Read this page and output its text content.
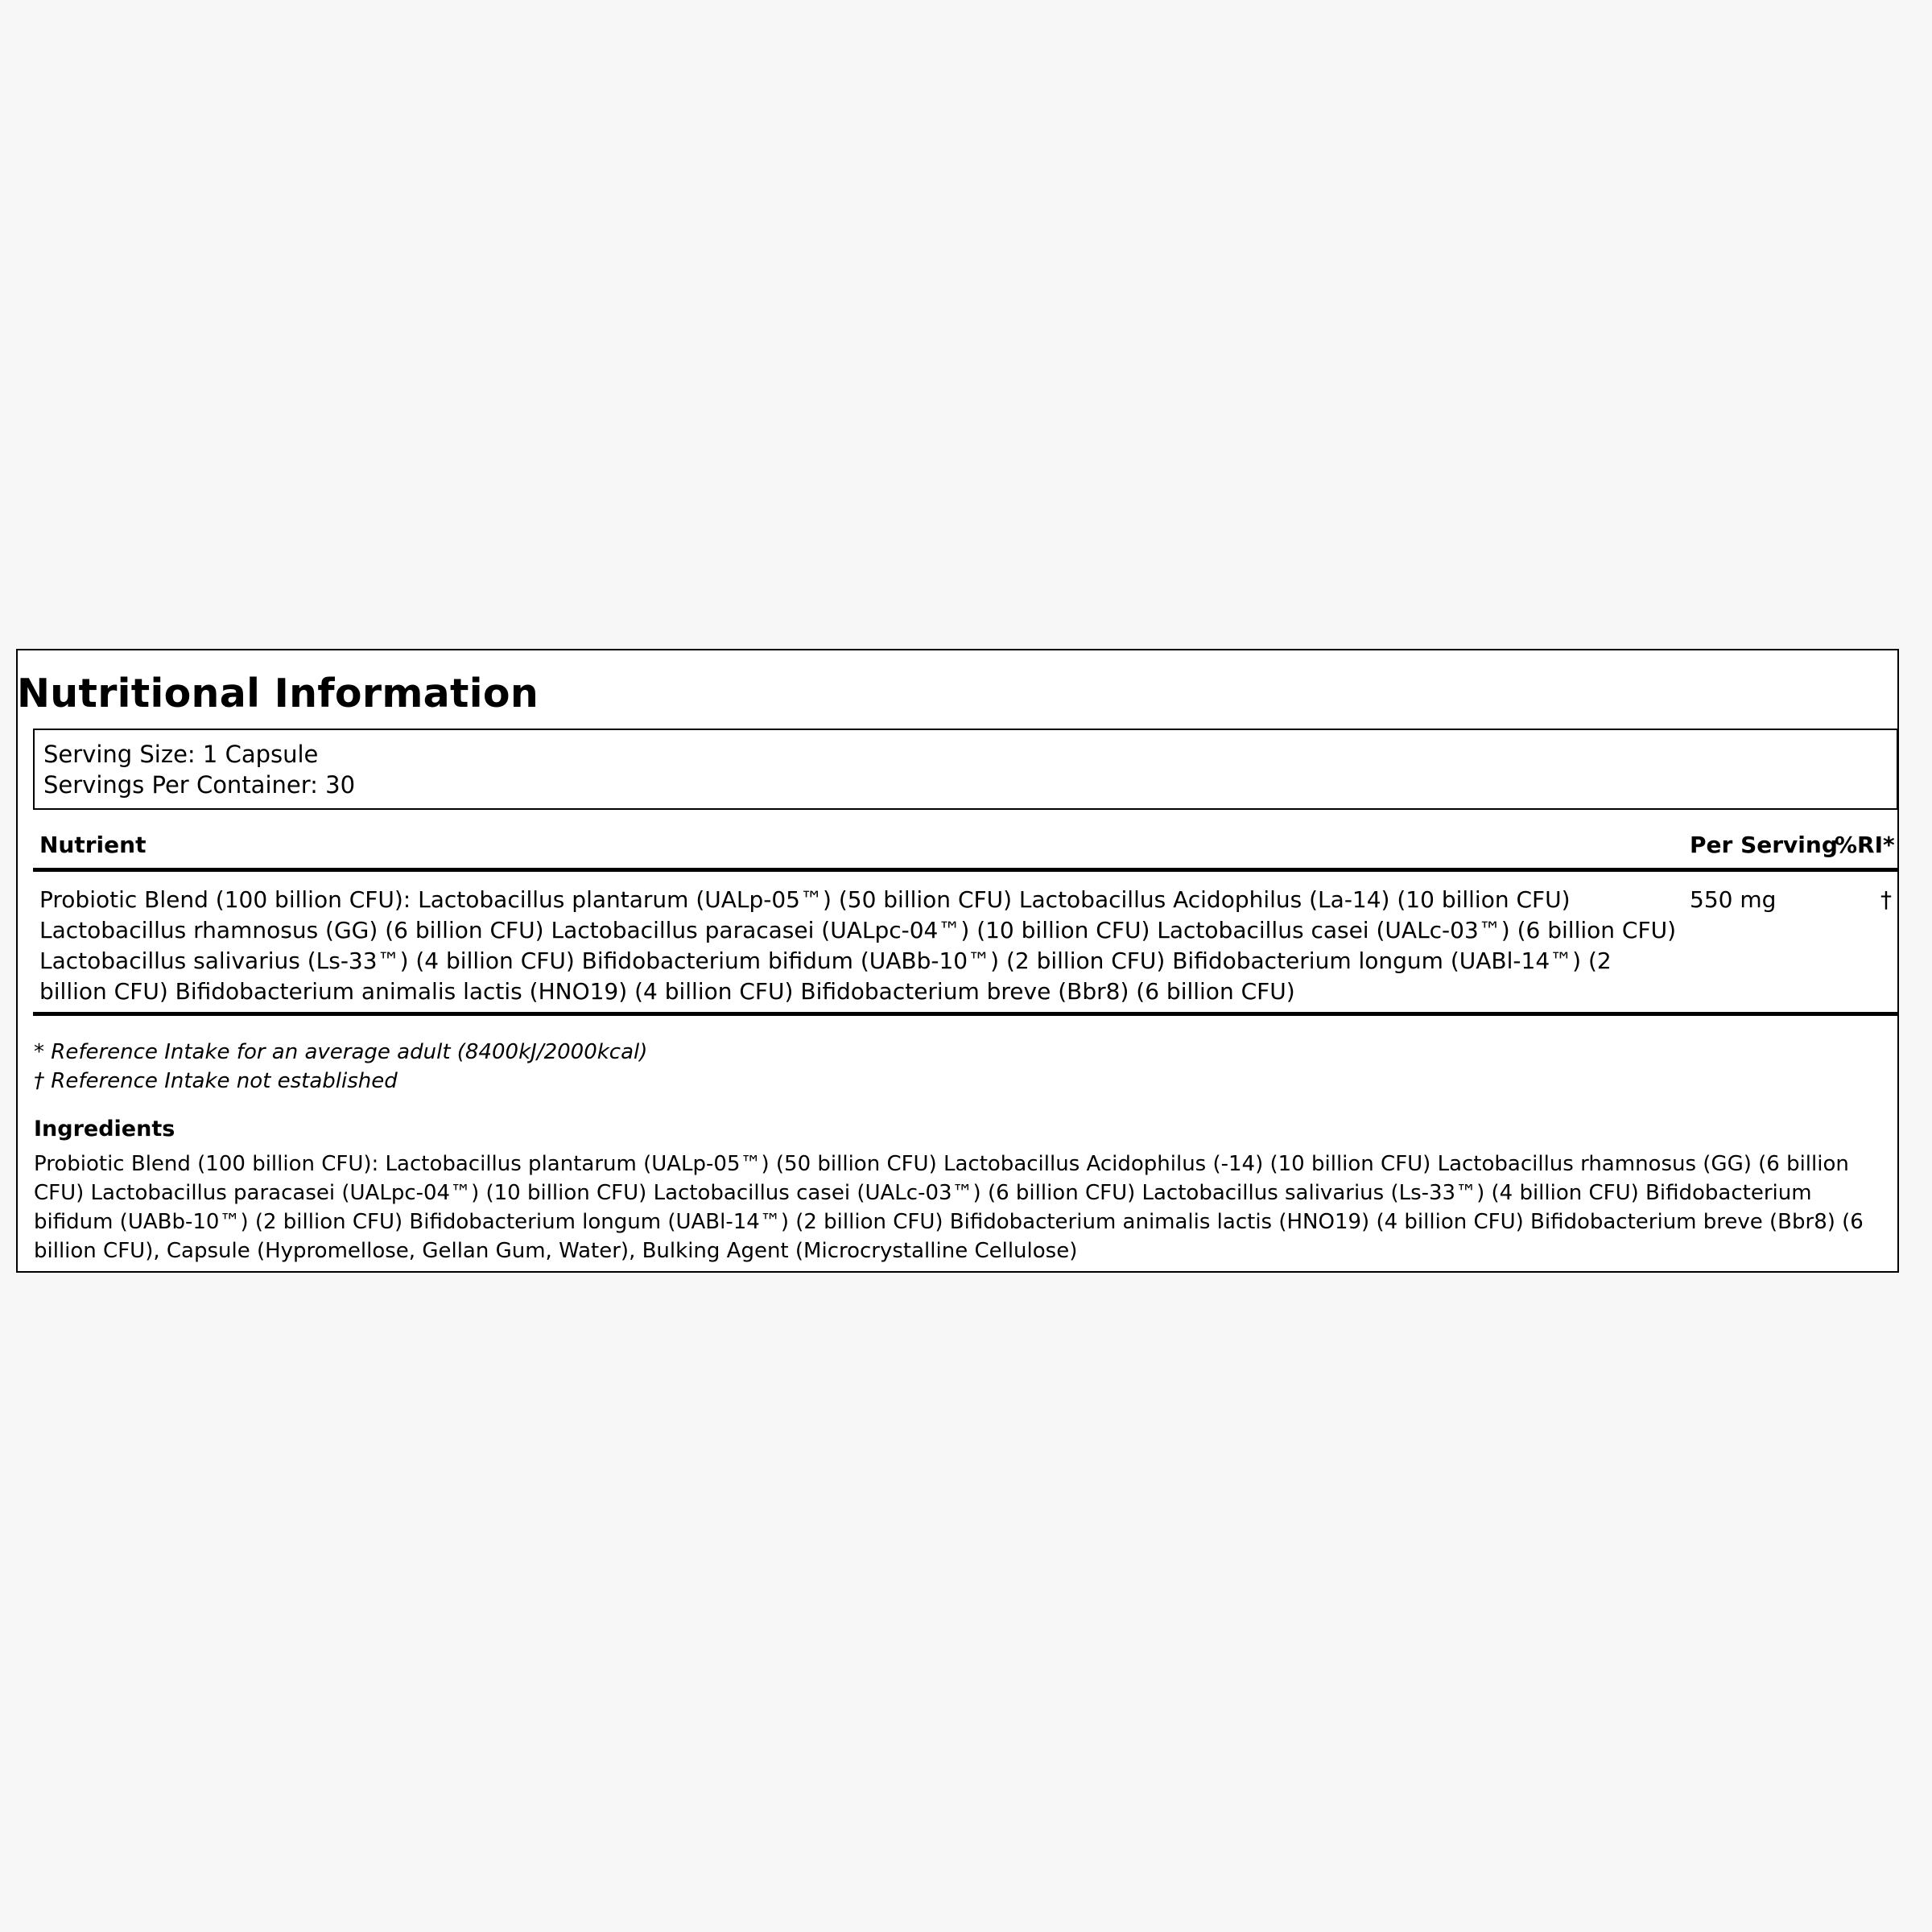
Nutritional Information
Serving Size: 1 Capsule
Servings Per Container: 30
Nutrient	Per Serving	%RI*
Probiotic Blend (100 billion CFU): Lactobacillus plantarum (UALp-05™) (50 billion CFU) Lactobacillus Acidophilus (La-14) (10 billion CFU) Lactobacillus rhamnosus (GG) (6 billion CFU) Lactobacillus paracasei (UALpc-04™) (10 billion CFU) Lactobacillus casei (UALc-03™) (6 billion CFU) Lactobacillus salivarius (Ls-33™) (4 billion CFU) Bifidobacterium bifidum (UABb-10™) (2 billion CFU) Bifidobacterium longum (UABl-14™) (2 billion CFU) Bifidobacterium animalis lactis (HNO19) (4 billion CFU) Bifidobacterium breve (Bbr8) (6 billion CFU)	550 mg	†
* Reference Intake for an average adult (8400kJ/2000kcal)
† Reference Intake not established
Ingredients

Probiotic Blend (100 billion CFU): Lactobacillus plantarum (UALp-05™) (50 billion CFU) Lactobacillus Acidophilus (-14) (10 billion CFU) Lactobacillus rhamnosus (GG) (6 billion CFU) Lactobacillus paracasei (UALpc-04™) (10 billion CFU) Lactobacillus casei (UALc-03™) (6 billion CFU) Lactobacillus salivarius (Ls-33™) (4 billion CFU) Bifidobacterium bifidum (UABb-10™) (2 billion CFU) Bifidobacterium longum (UABl-14™) (2 billion CFU) Bifidobacterium animalis lactis (HNO19) (4 billion CFU) Bifidobacterium breve (Bbr8) (6 billion CFU), Capsule (Hypromellose, Gellan Gum, Water), Bulking Agent (Microcrystalline Cellulose)
